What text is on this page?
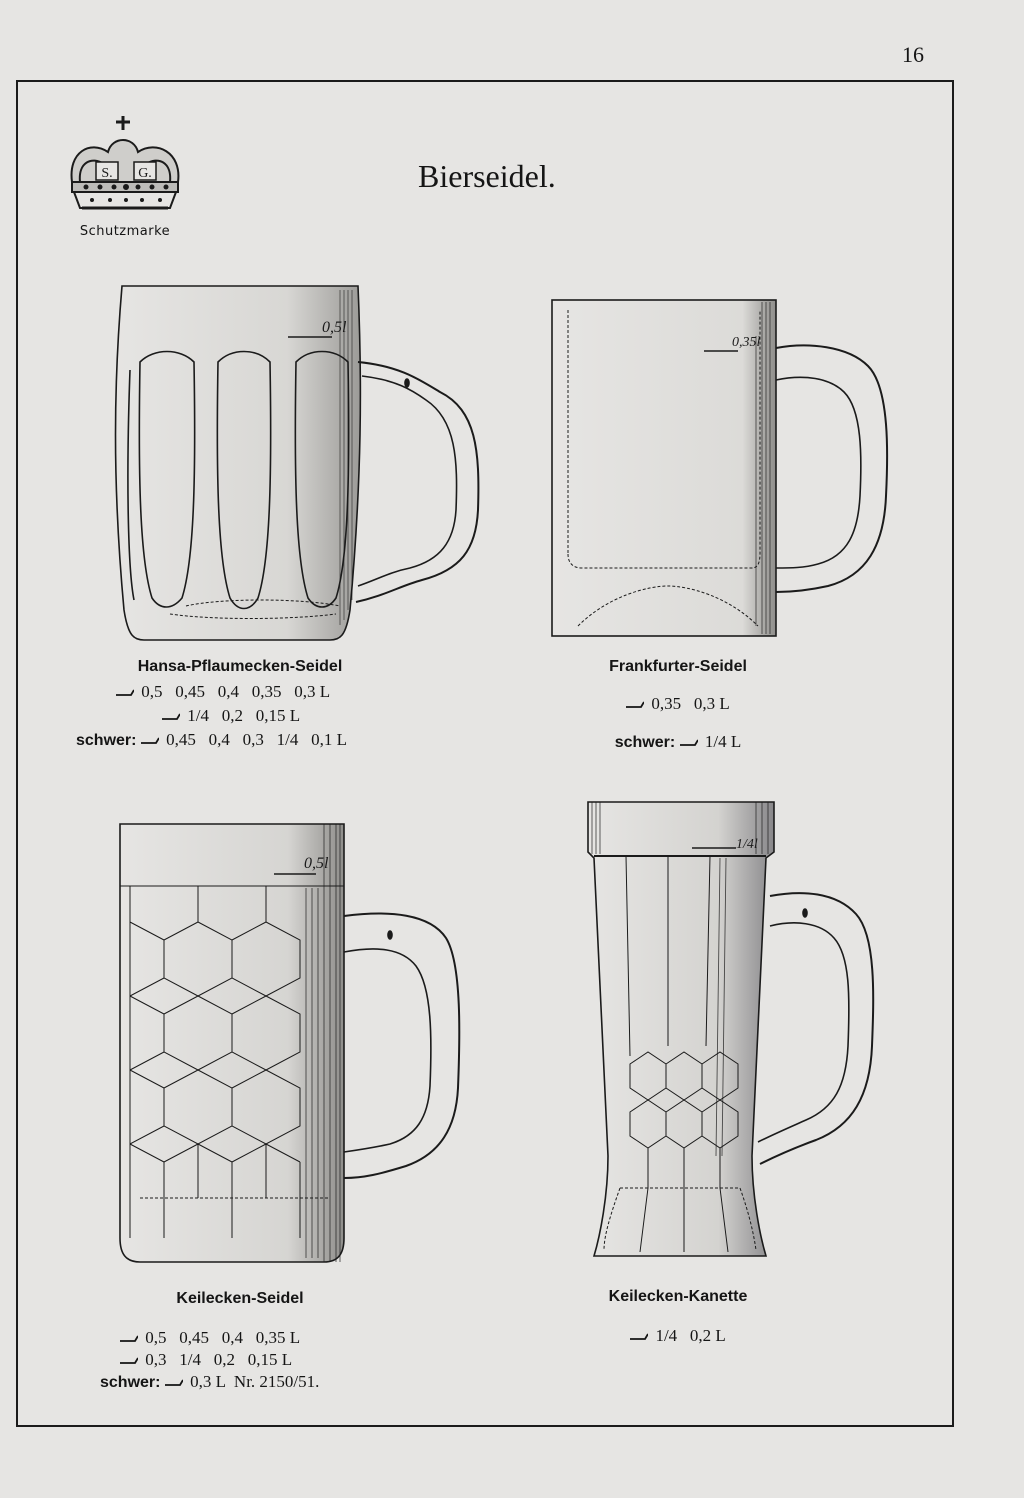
16
S. G.
Schutzmarke
Bierseidel.
0,5l
0,35l
0,5l
1/4l
Hansa-Pflaumecken-Seidel
0,5   0,45   0,4   0,35   0,3 L
1/4   0,2   0,15 L
schwer:  0,45   0,4   0,3   1/4   0,1 L
Frankfurter-Seidel
0,35   0,3 L
schwer:  1/4 L
Keilecken-Seidel
0,5   0,45   0,4   0,35 L
0,3   1/4   0,2   0,15 L
schwer:  0,3 L  Nr. 2150/51.
Keilecken-Kanette
1/4   0,2 L
